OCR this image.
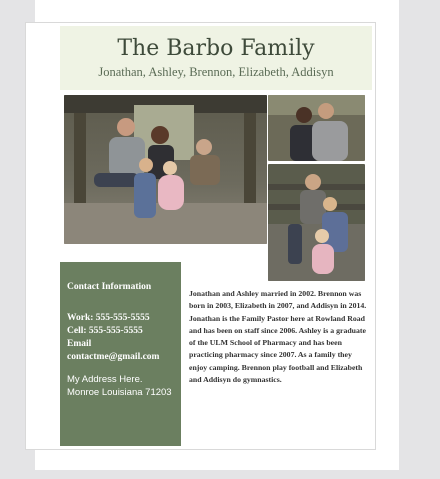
The Barbo Family
Jonathan, Ashley, Brennon, Elizabeth, Addisyn
Contact Information
Work: 555-555-5555
Cell: 555-555-5555
Email
contactme@gmail.com
My Address Here.
Monroe Louisiana 71203
Jonathan and Ashley married in 2002. Brennon was born in 2003, Elizabeth in 2007, and Addisyn in 2014. Jonathan is the Family Pastor here at Rowland Road and has been on staff since 2006. Ashley is a graduate of the ULM School of Pharmacy and has been practicing pharmacy since 2007. As a family they enjoy camping. Brennon play football and Elizabeth and Addisyn do gymnastics.
